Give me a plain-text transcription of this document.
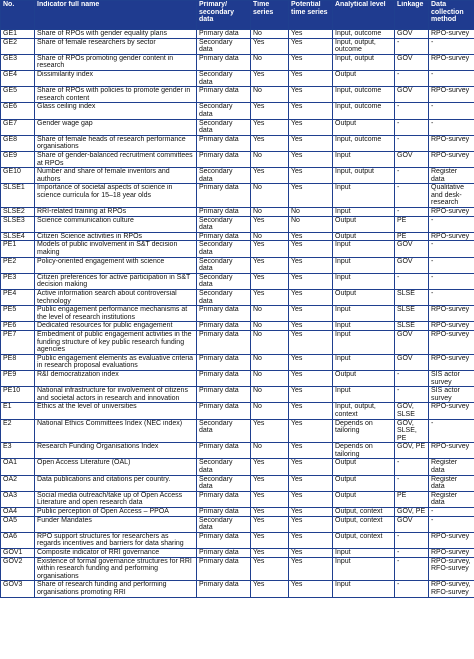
No.	Indicator full name	Primary/ secondary data	Time series	Potential time series	Analytical level	Linkage	Data collection method
GE1	Share of RPOs with gender equality plans	Primary data	No	Yes	Input, outcome	GOV	RPO-survey
GE2	Share of female researchers by sector	Secondary data	Yes	Yes	Input, output, outcome	-	-
GE3	Share of RPOs promoting gender content in research	Primary data	No	Yes	Input, output	GOV	RPO-survey
GE4	Dissimilarity index	Secondary data	Yes	Yes	Output	-	-
GE5	Share of RPOs with policies to promote gender in research content	Primary data	No	Yes	Input, outcome	GOV	RPO-survey
GE6	Glass ceiling index	Secondary data	Yes	Yes	Input, outcome	-	-
GE7	Gender wage gap	Secondary data	Yes	Yes	Output	-	-
GE8	Share of female heads of research performance organisations	Primary data	Yes	Yes	Input, outcome	-	RPO-survey
GE9	Share of gender-balanced recruitment committees at RPOs	Primary data	No	Yes	Input	GOV	RPO-survey
GE10	Number and share of female inventors and authors	Secondary data	Yes	Yes	Input, output	-	Register data
SLSE1	Importance of societal aspects of science in science curricula for 15–18 year olds	Primary data	No	Yes	Input	-	Qualitative and desk-research
SLSE2	RRI-related training at RPOs	Primary data	No	No	Input	-	RPO-survey
SLSE3	Science communication culture	Secondary data	Yes	No	Output	PE	-
SLSE4	Citizen Science activities in RPOs	Primary data	No	Yes	Output	PE	RPO-survey
PE1	Models of public involvement in S&T decision making	Secondary data	Yes	Yes	Input	GOV	-
PE2	Policy-oriented engagement with science	Secondary data	Yes	Yes	Input	GOV	-
PE3	Citizen preferences for active participation in S&T decision making	Secondary data	Yes	Yes	Input	-	-
PE4	Active information search about controversial technology	Secondary data	Yes	Yes	Output	SLSE	-
PE5	Public engagement performance mechanisms at the level of research institutions	Primary data	No	Yes	Input	SLSE	RPO-survey
PE6	Dedicated resources for public engagement	Primary data	No	Yes	Input	SLSE	RPO-survey
PE7	Embedment of public engagement activities in the funding structure of key public research funding agencies	Primary data	No	Yes	Input	GOV	RPO-survey
PE8	Public engagement elements as evaluative criteria in research proposal evaluations	Primary data	No	Yes	Input	GOV	RPO-survey
PE9	R&I democratization index	Primary data	No	Yes	Output	-	SIS actor survey
PE10	National infrastructure for involvement of citizens and societal actors in research and innovation	Primary data	No	Yes	Input	-	SIS actor survey
E1	Ethics at the level of universities	Primary data	No	Yes	Input, output, context	GOV, SLSE	RPO-survey
E2	National Ethics Committees Index (NEC index)	Secondary data	Yes	Yes	Depends on tailoring	GOV, SLSE, PE	-
E3	Research Funding Organisations Index	Primary data	No	Yes	Depends on tailoring	GOV, PE	RPO-survey
OA1	Open Access Literature (OAL)	Secondary data	Yes	Yes	Output	-	Register data
OA2	Data publications and citations per country.	Secondary data	Yes	Yes	Output	-	Register data
OA3	Social media outreach/take up of Open Access Literature and open research data	Primary data	Yes	Yes	Output	PE	Register data
OA4	Public perception of Open Access – PPOA	Primary data	Yes	Yes	Output, context	GOV, PE	-
OA5	Funder Mandates	Secondary data	Yes	Yes	Output, context	GOV	-
OA6	RPO support structures for researchers as regards incentives and barriers for data sharing	Primary data	Yes	Yes	Output, context	-	RPO-survey
GOV1	Composite indicator of RRI governance	Primary data	Yes	Yes	Input	-	RPO-survey
GOV2	Existence of formal governance structures for RRI within research funding and performing organisations	Primary data	Yes	Yes	Input	-	RPO-survey, RFO-survey
GOV3	Share of research funding and performing organisations promoting RRI	Primary data	Yes	Yes	Input	-	RPO-survey, RFO-survey
